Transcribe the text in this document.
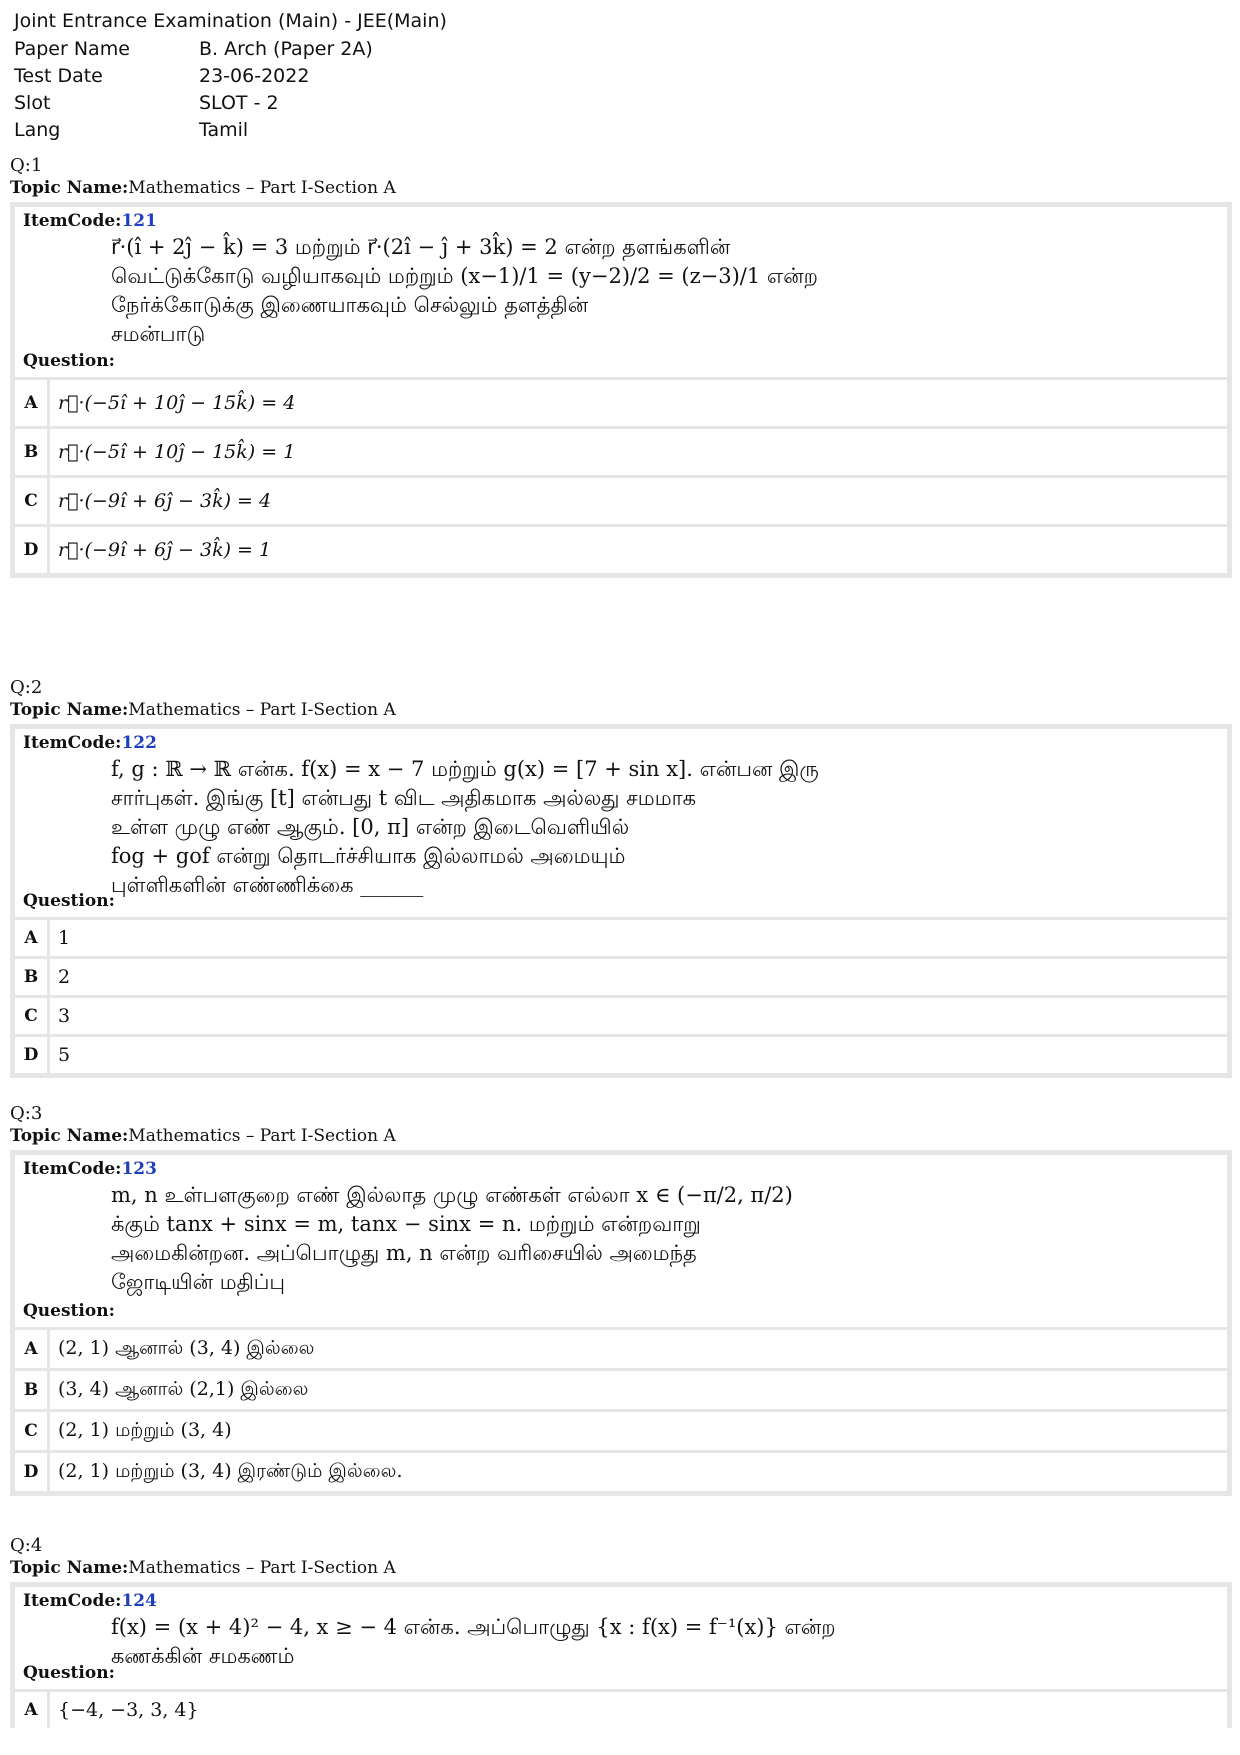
Joint Entrance Examination (Main) - JEE(Main)
Paper Name	B. Arch (Paper 2A)
Test Date	23-06-2022
Slot	SLOT - 2
Lang	Tamil
Q:1
Topic Name:Mathematics – Part I-Section A
ItemCode:121
r⃗·(î + 2ĵ − k̂) = 3 மற்றும் r⃗·(2î − ĵ + 3k̂) = 2 என்ற தளங்களின்
வெட்டுக்கோடு வழியாகவும் மற்றும் (x−1)/1 = (y−2)/2 = (z−3)/1 என்ற
நேர்க்கோடுக்கு இணையாகவும் செல்லும் தளத்தின்
சமன்பாடு
Question:
A	r⃗·(−5î + 10ĵ − 15k̂) = 4
B	r⃗·(−5î + 10ĵ − 15k̂) = 1
C	r⃗·(−9î + 6ĵ − 3k̂) = 4
D	r⃗·(−9î + 6ĵ − 3k̂) = 1
Q:2
Topic Name:Mathematics – Part I-Section A
ItemCode:122
f, g : ℝ → ℝ என்க. f(x) = x − 7 மற்றும் g(x) = [7 + sin x]. என்பன இரு
சார்புகள். இங்கு [t] என்பது t விட அதிகமாக அல்லது சமமாக
உள்ள முழு எண் ஆகும். [0, π] என்ற இடைவெளியில்
fog + gof என்று தொடர்ச்சியாக இல்லாமல் அமையும்
புள்ளிகளின் எண்ணிக்கை ______
Question:
A	1
B	2
C	3
D	5
Q:3
Topic Name:Mathematics – Part I-Section A
ItemCode:123
m, n உள்பளகுறை எண் இல்லாத முழு எண்கள் எல்லா x ∈ (−π/2, π/2)
க்கும் tanx + sinx = m, tanx − sinx = n. மற்றும் என்றவாறு
அமைகின்றன. அப்பொழுது m, n என்ற வரிசையில் அமைந்த
ஜோடியின் மதிப்பு
Question:
A	(2, 1) ஆனால் (3, 4) இல்லை
B	(3, 4) ஆனால் (2,1) இல்லை
C	(2, 1) மற்றும் (3, 4)
D	(2, 1) மற்றும் (3, 4) இரண்டும் இல்லை.
Q:4
Topic Name:Mathematics – Part I-Section A
ItemCode:124
f(x) = (x + 4)² − 4, x ≥ − 4 என்க. அப்பொழுது {x : f(x) = f⁻¹(x)} என்ற
கணக்கின் சமகணம்
Question:
A	{−4, −3, 3, 4}
